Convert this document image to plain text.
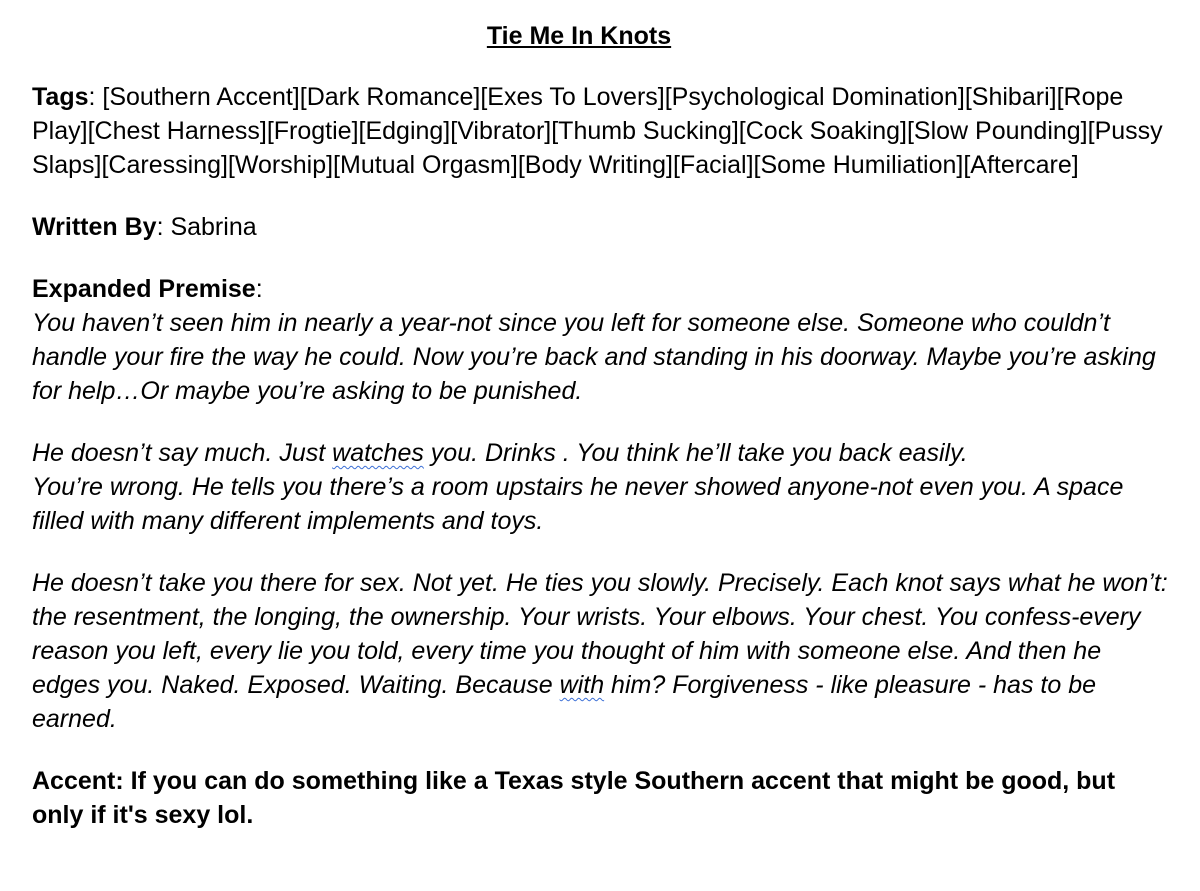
Tie Me In Knots

Tags: [Southern Accent][Dark Romance][Exes To Lovers][Psychological Domination][Shibari][Rope Play][Chest Harness][Frogtie][Edging][Vibrator][Thumb Sucking][Cock Soaking][Slow Pounding][Pussy Slaps][Caressing][Worship][Mutual Orgasm][Body Writing][Facial][Some Humiliation][Aftercare]

Written By: Sabrina

Expanded Premise:
You haven’t seen him in nearly a year-not since you left for someone else. Someone who couldn’t handle your fire the way he could. Now you’re back and standing in his doorway. Maybe you’re asking for help…Or maybe you’re asking to be punished.

He doesn’t say much. Just watches you. Drinks . You think he’ll take you back easily.
You’re wrong. He tells you there’s a room upstairs he never showed anyone-not even you. A space filled with many different implements and toys.

He doesn’t take you there for sex. Not yet. He ties you slowly. Precisely. Each knot says what he won’t: the resentment, the longing, the ownership. Your wrists. Your elbows. Your chest. You confess-every reason you left, every lie you told, every time you thought of him with someone else. And then he edges you. Naked. Exposed. Waiting. Because with him? Forgiveness - like pleasure - has to be earned.

Accent: If you can do something like a Texas style Southern accent that might be good, but only if it's sexy lol.
